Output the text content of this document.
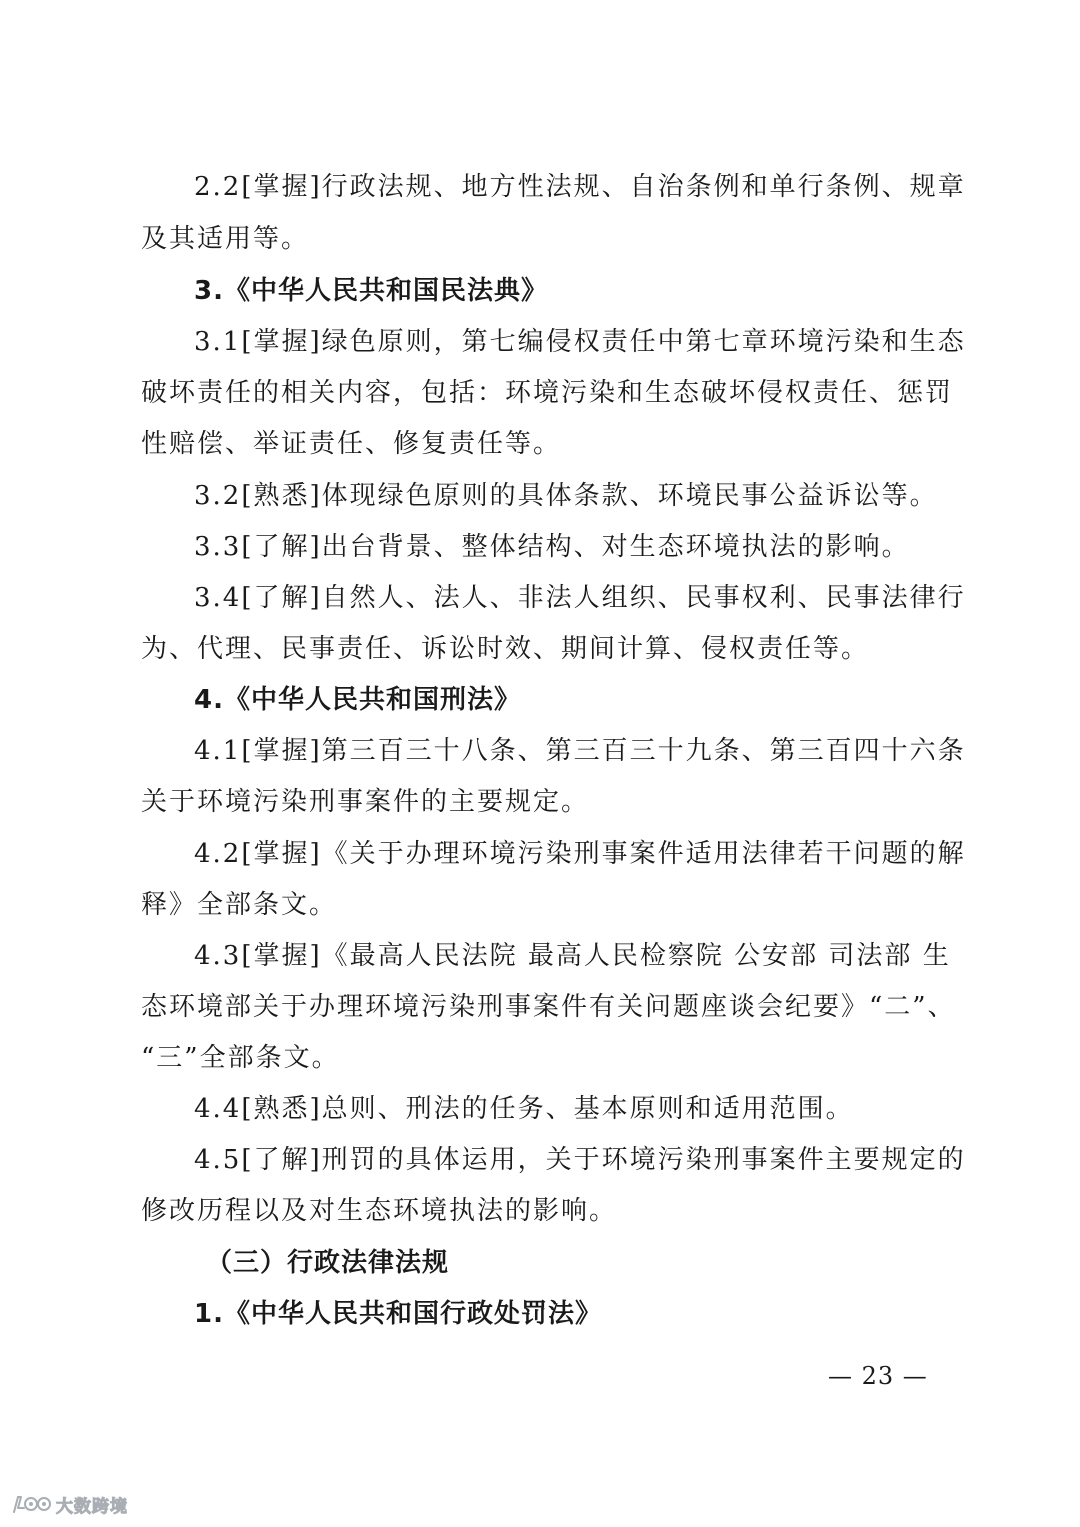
2.2[掌握]行政法规、地方性法规、自治条例和单行条例、规章
及其适用等。
3.《中华人民共和国民法典》
3.1[掌握]绿色原则，第七编侵权责任中第七章环境污染和生态
破坏责任的相关内容，包括：环境污染和生态破坏侵权责任、惩罚
性赔偿、举证责任、修复责任等。
3.2[熟悉]体现绿色原则的具体条款、环境民事公益诉讼等。
3.3[了解]出台背景、整体结构、对生态环境执法的影响。
3.4[了解]自然人、法人、非法人组织、民事权利、民事法律行
为、代理、民事责任、诉讼时效、期间计算、侵权责任等。
4.《中华人民共和国刑法》
4.1[掌握]第三百三十八条、第三百三十九条、第三百四十六条
关于环境污染刑事案件的主要规定。
4.2[掌握]《关于办理环境污染刑事案件适用法律若干问题的解
释》全部条文。
4.3[掌握]《最高人民法院 最高人民检察院 公安部 司法部 生
态环境部关于办理环境污染刑事案件有关问题座谈会纪要》“二”、
“三”全部条文。
4.4[熟悉]总则、刑法的任务、基本原则和适用范围。
4.5[了解]刑罚的具体运用，关于环境污染刑事案件主要规定的
修改历程以及对生态环境执法的影响。
（三）行政法律法规
1.《中华人民共和国行政处罚法》
— 23 —
大数跨境
